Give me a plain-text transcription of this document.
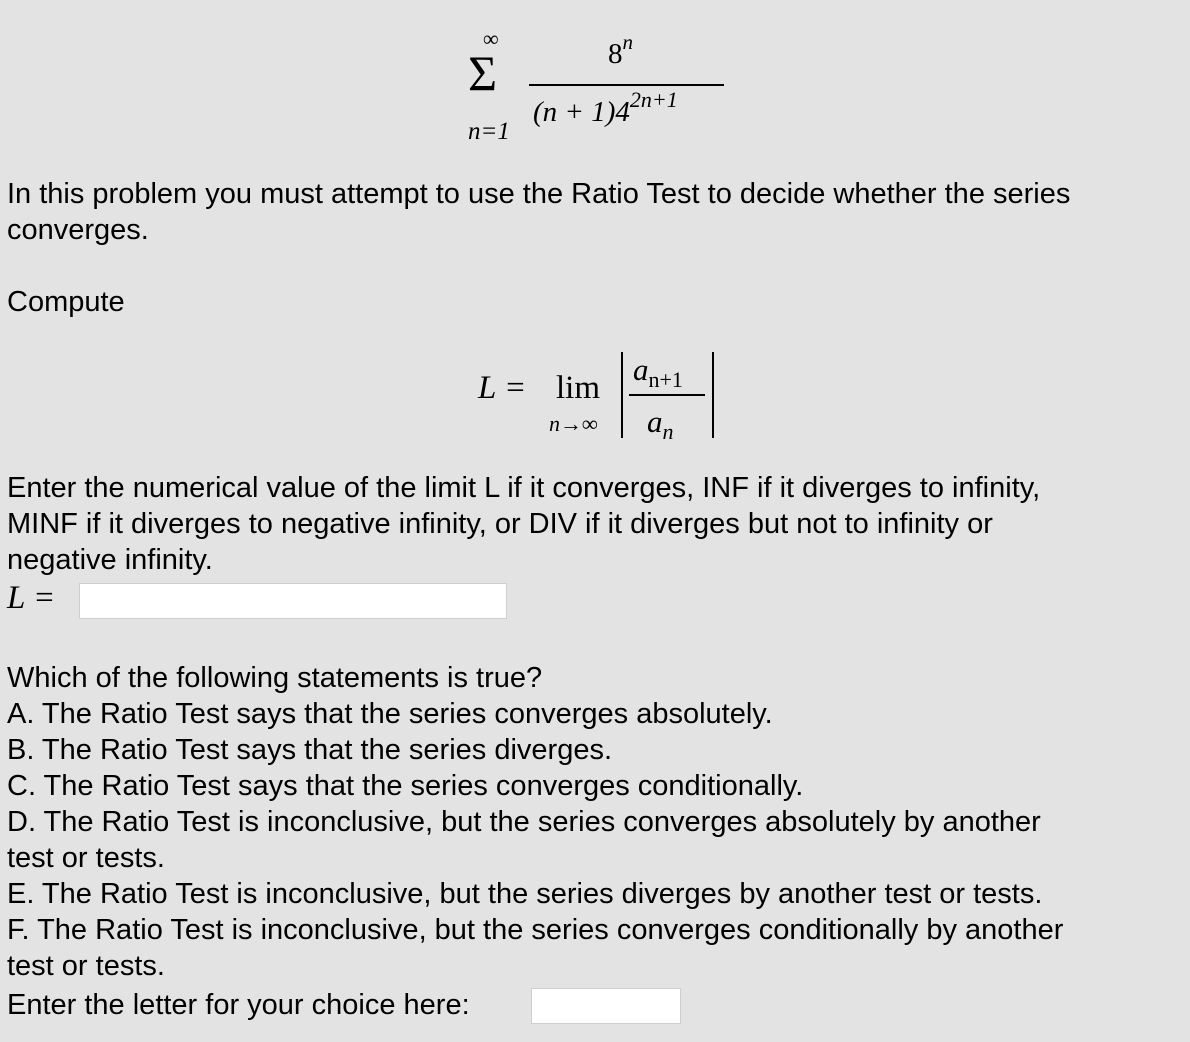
∞
Σ
n=1
8$^n$
$(n + 1)4^{2n+1}$
In this problem you must attempt to use the Ratio Test to decide whether the series
converges.
Compute
L = lim
n→∞
$a_{n+1}$
$a_n$
Enter the numerical value of the limit L if it converges, INF if it diverges to infinity,
MINF if it diverges to negative infinity, or DIV if it diverges but not to infinity or
negative infinity.
L =
Which of the following statements is true?
A. The Ratio Test says that the series converges absolutely.
B. The Ratio Test says that the series diverges.
C. The Ratio Test says that the series converges conditionally.
D. The Ratio Test is inconclusive, but the series converges absolutely by another
test or tests.
E. The Ratio Test is inconclusive, but the series diverges by another test or tests.
F. The Ratio Test is inconclusive, but the series converges conditionally by another
test or tests.
Enter the letter for your choice here:
